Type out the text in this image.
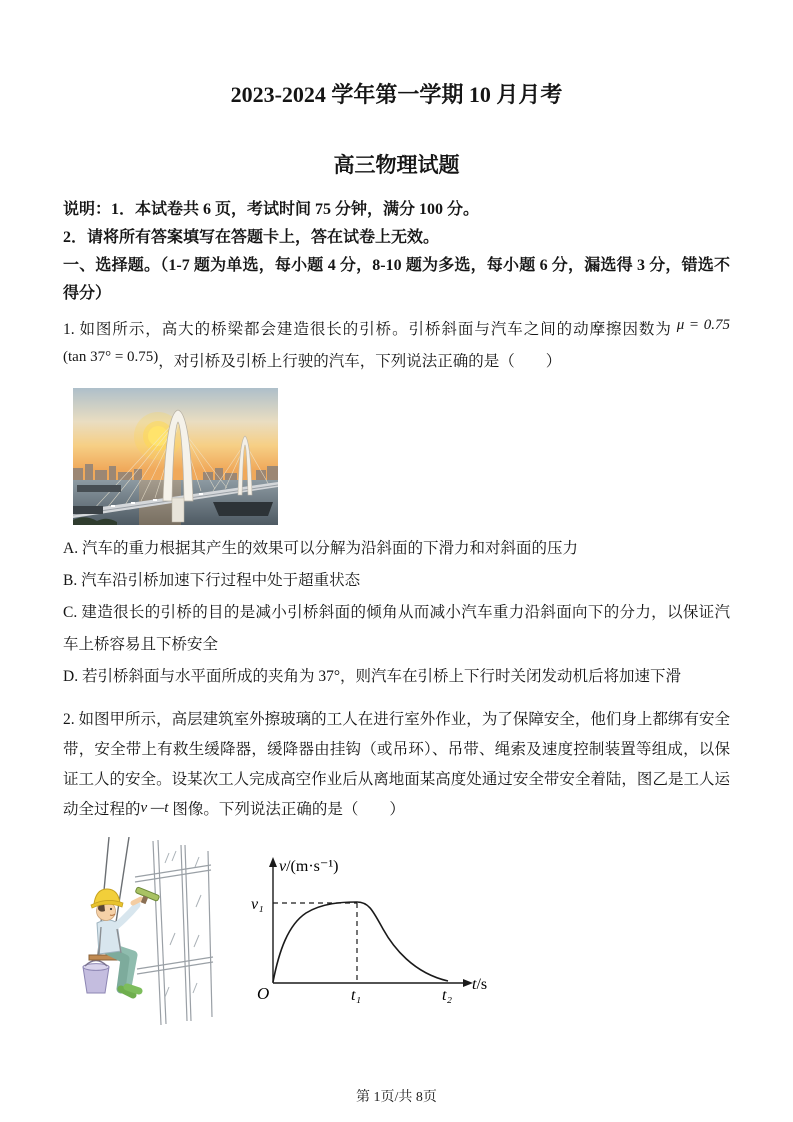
2023-2024 学年第一学期 10 月月考
高三物理试题

说明：1．本试卷共 6 页，考试时间 75 分钟，满分 100 分。

2．请将所有答案填写在答题卡上，答在试卷上无效。

一、选择题。（1-7 题为单选，每小题 4 分，8-10 题为多选，每小题 6 分，漏选得 3 分，错选不得分）

1. 如图所示，高大的桥梁都会建造很长的引桥。引桥斜面与汽车之间的动摩擦因数为 μ = 0.75 (tan 37° = 0.75)，对引桥及引桥上行驶的汽车，下列说法正确的是（　　）

A. 汽车的重力根据其产生的效果可以分解为沿斜面的下滑力和对斜面的压力

B. 汽车沿引桥加速下行过程中处于超重状态

C. 建造很长的引桥的目的是减小引桥斜面的倾角从而减小汽车重力沿斜面向下的分力，以保证汽车上桥容易且下桥安全

D. 若引桥斜面与水平面所成的夹角为 37°，则汽车在引桥上下行时关闭发动机后将加速下滑

2. 如图甲所示，高层建筑室外擦玻璃的工人在进行室外作业，为了保障安全，他们身上都绑有安全带，安全带上有救生缓降器，缓降器由挂钩（或吊环）、吊带、绳索及速度控制装置等组成，以保证工人的安全。设某次工人完成高空作业后从离地面某高度处通过安全带安全着陆，图乙是工人运动全过程的v —t 图像。下列说法正确的是（　　）

v/(m·s⁻¹)
t/s
O
v₁
t₁	t₂
第 1页/共 8页
